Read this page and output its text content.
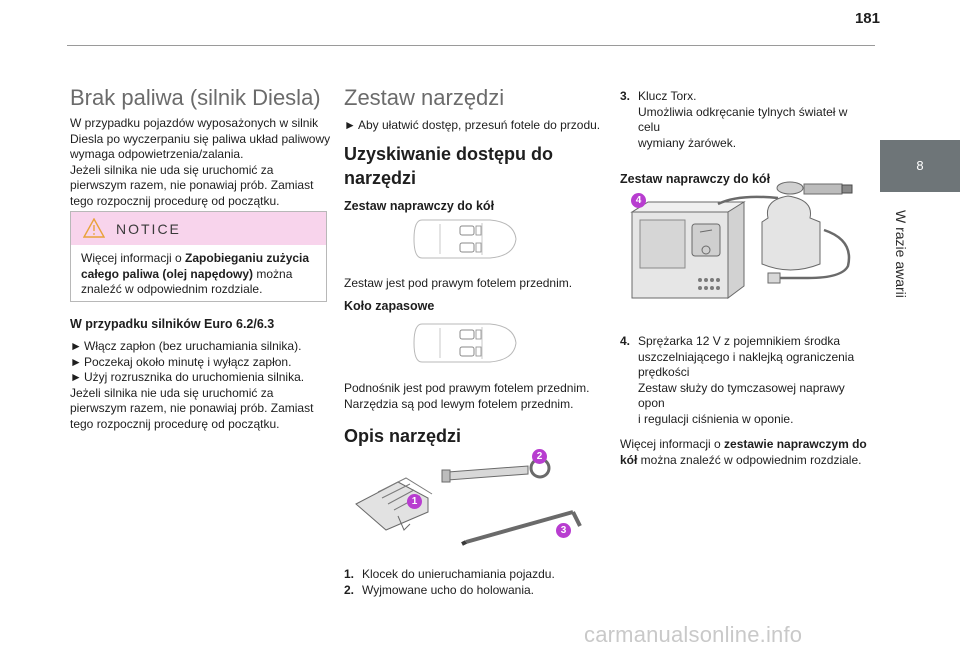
181
8
W razie awarii
Brak paliwa (silnik Diesla)
W przypadku pojazdów wyposażonych w silnik
Diesla po wyczerpaniu się paliwa układ paliwowy
wymaga odpowietrzenia/zalania.
Jeżeli silnika nie uda się uruchomić za
pierwszym razem, nie ponawiaj prób. Zamiast
tego rozpocznij procedurę od początku.
NOTICE
Więcej informacji o Zapobieganiu zużycia
całego paliwa (olej napędowy) można
znaleźć w odpowiednim rozdziale.
W przypadku silników Euro 6.2/6.3
► Włącz zapłon (bez uruchamiania silnika).
► Poczekaj około minutę i wyłącz zapłon.
► Użyj rozrusznika do uruchomienia silnika.
Jeżeli silnika nie uda się uruchomić za
pierwszym razem, nie ponawiaj prób. Zamiast
tego rozpocznij procedurę od początku.
Zestaw narzędzi
► Aby ułatwić dostęp, przesuń fotele do przodu.
Uzyskiwanie dostępu do
narzędzi
Zestaw naprawczy do kół
Zestaw jest pod prawym fotelem przednim.
Koło zapasowe
Podnośnik jest pod prawym fotelem przednim.
Narzędzia są pod lewym fotelem przednim.
Opis narzędzi
1
2
3
1. Klocek do unieruchamiania pojazdu.
2. Wyjmowane ucho do holowania.
3. Klucz Torx.
Umożliwia odkręcanie tylnych świateł w celu
wymiany żarówek.
Zestaw naprawczy do kół
4
4. Sprężarka 12 V z pojemnikiem środka
uszczelniającego i naklejką ograniczenia
prędkości
Zestaw służy do tymczasowej naprawy opon
i regulacji ciśnienia w oponie.
Więcej informacji o zestawie naprawczym do
kół można znaleźć w odpowiednim rozdziale.
carmanualsonline.info
